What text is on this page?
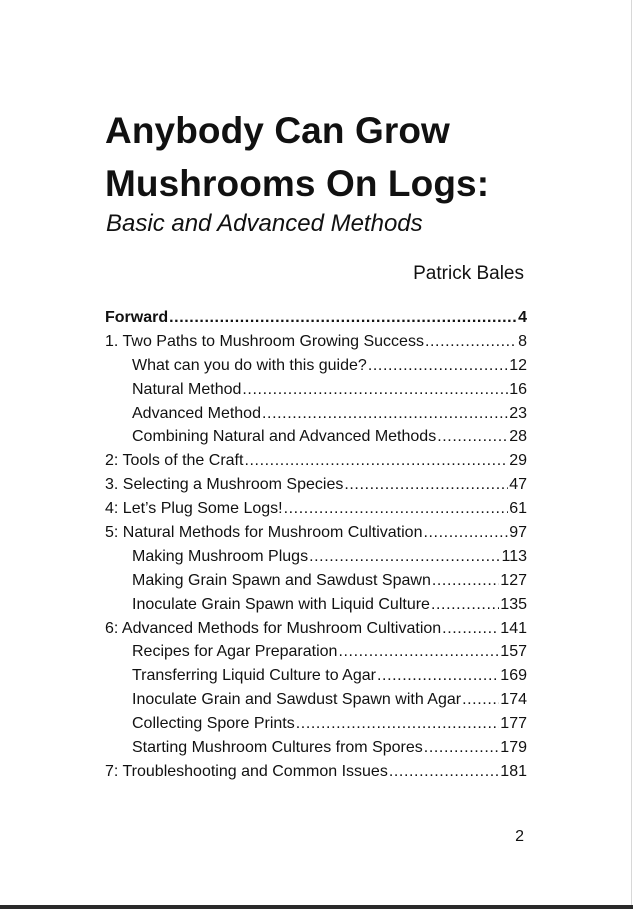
Anybody Can Grow
Mushrooms On Logs:

Basic and Advanced Methods

Patrick Bales
Forward .....	4
1. Two Paths to Mushroom Growing Success .....	8
What can you do with this guide? .....	12
Natural Method .....	16
Advanced Method .....	23
Combining Natural and Advanced Methods .....	28
2: Tools of the Craft .....	29
3. Selecting a Mushroom Species .....	47
4: Let’s Plug Some Logs! .....	61
5: Natural Methods for Mushroom Cultivation .....	97
Making Mushroom Plugs .....	113
Making Grain Spawn and Sawdust Spawn .....	127
Inoculate Grain Spawn with Liquid Culture .....	135
6: Advanced Methods for Mushroom Cultivation .....	141
Recipes for Agar Preparation .....	157
Transferring Liquid Culture to Agar .....	169
Inoculate Grain and Sawdust Spawn with Agar ..... 174
Collecting Spore Prints .....	177
Starting Mushroom Cultures from Spores .....	179
7: Troubleshooting and Common Issues .....	181
2
